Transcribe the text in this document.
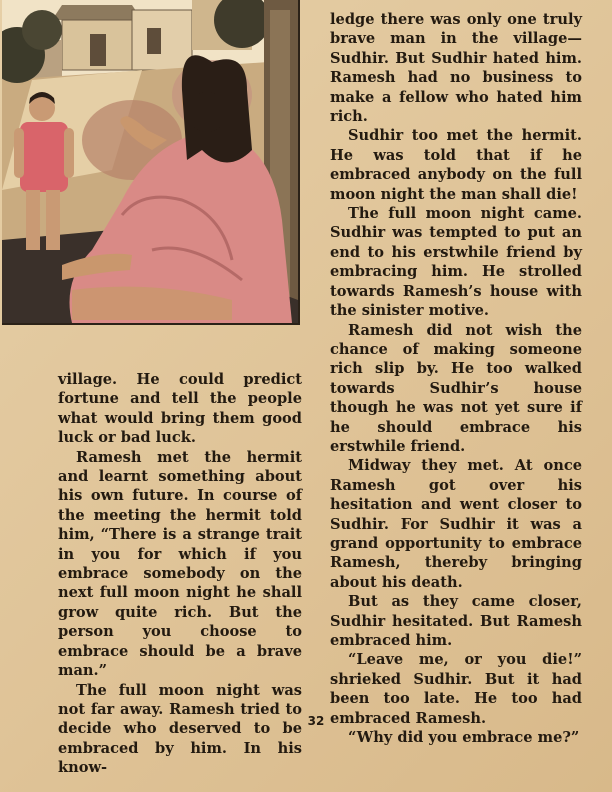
village. He could predict fortune and tell the people what would bring them good luck or bad luck.

Ramesh met the hermit and learnt something about his own future. In course of the meeting the hermit told him, “There is a strange trait in you for which if you embrace somebody on the next full moon night he shall grow quite rich. But the person you choose to embrace should be a brave man.”

The full moon night was not far away. Ramesh tried to decide who deserved to be embraced by him. In his know-

ledge there was only one truly brave man in the village—Sudhir. But Sudhir hated him. Ramesh had no business to make a fellow who hated him rich.

Sudhir too met the hermit. He was told that if he embraced anybody on the full moon night the man shall die!

The full moon night came. Sudhir was tempted to put an end to his erstwhile friend by embracing him. He strolled towards Ramesh’s house with the sinister motive.

Ramesh did not wish the chance of making someone rich slip by. He too walked towards Sudhir’s house though he was not yet sure if he should embrace his erstwhile friend.

Midway they met. At once Ramesh got over his hesitation and went closer to Sudhir. For Sudhir it was a grand opportunity to embrace Ramesh, thereby bringing about his death.

But as they came closer, Sudhir hesitated. But Ramesh embraced him.

“Leave me, or you die!” shrieked Sudhir. But it had been too late. He too had embraced Ramesh.

“Why did you embrace me?”

32
